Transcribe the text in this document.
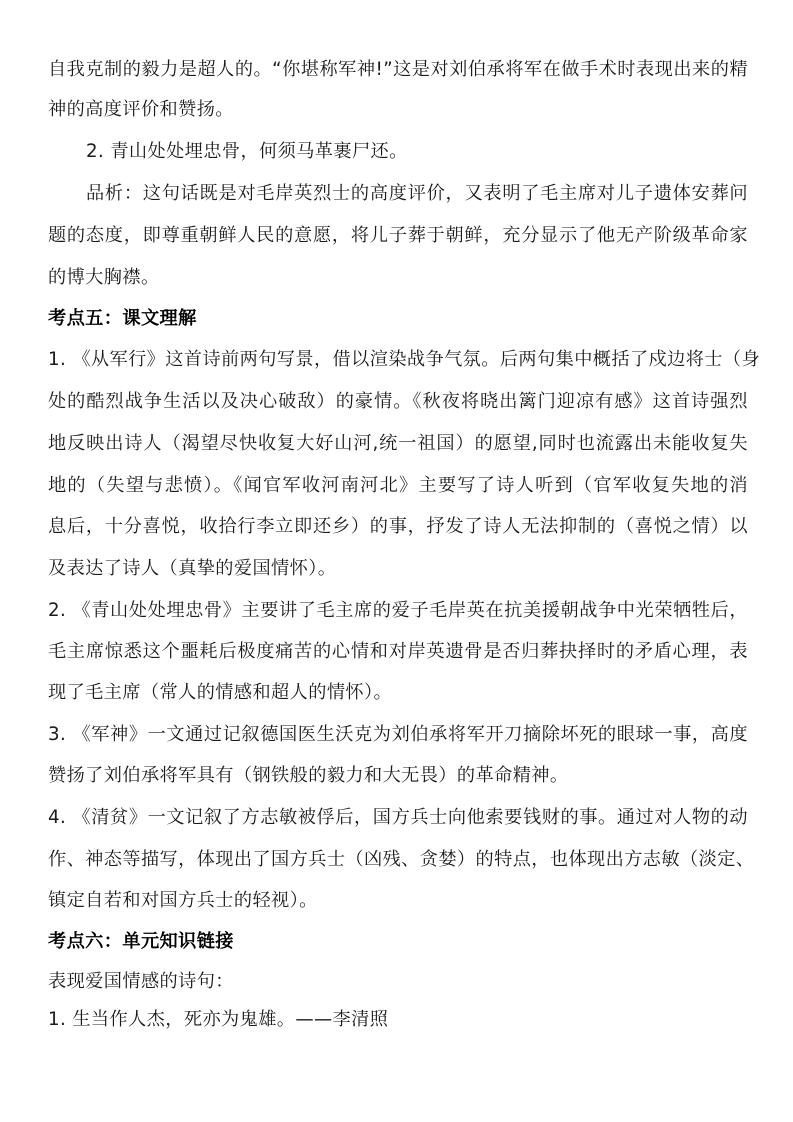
自我克制的毅力是超人的。“你堪称军神!”这是对刘伯承将军在做手术时表现出来的精
神的高度评价和赞扬。
2. 青山处处埋忠骨，何须马革裹尸还。
品析：这句话既是对毛岸英烈士的高度评价，又表明了毛主席对儿子遗体安葬问
题的态度，即尊重朝鲜人民的意愿，将儿子葬于朝鲜，充分显示了他无产阶级革命家
的博大胸襟。
考点五：课文理解
1. 《从军行》这首诗前两句写景，借以渲染战争气氛。后两句集中概括了戍边将士（身
处的酷烈战争生活以及决心破敌）的豪情。《秋夜将晓出篱门迎凉有感》这首诗强烈
地反映出诗人（渴望尽快收复大好山河,统一祖国）的愿望,同时也流露出未能收复失
地的（失望与悲愤）。《闻官军收河南河北》主要写了诗人听到（官军收复失地的消
息后，十分喜悦，收拾行李立即还乡）的事，抒发了诗人无法抑制的（喜悦之情）以
及表达了诗人（真挚的爱国情怀）。
2. 《青山处处埋忠骨》主要讲了毛主席的爱子毛岸英在抗美援朝战争中光荣牺牲后，
毛主席惊悉这个噩耗后极度痛苦的心情和对岸英遗骨是否归葬抉择时的矛盾心理，表
现了毛主席（常人的情感和超人的情怀）。
3. 《军神》一文通过记叙德国医生沃克为刘伯承将军开刀摘除坏死的眼球一事，高度
赞扬了刘伯承将军具有（钢铁般的毅力和大无畏）的革命精神。
4. 《清贫》一文记叙了方志敏被俘后，国方兵士向他索要钱财的事。通过对人物的动
作、神态等描写，体现出了国方兵士（凶残、贪婪）的特点，也体现出方志敏（淡定、
镇定自若和对国方兵士的轻视）。
考点六：单元知识链接
表现爱国情感的诗句：
1. 生当作人杰，死亦为鬼雄。——李清照
